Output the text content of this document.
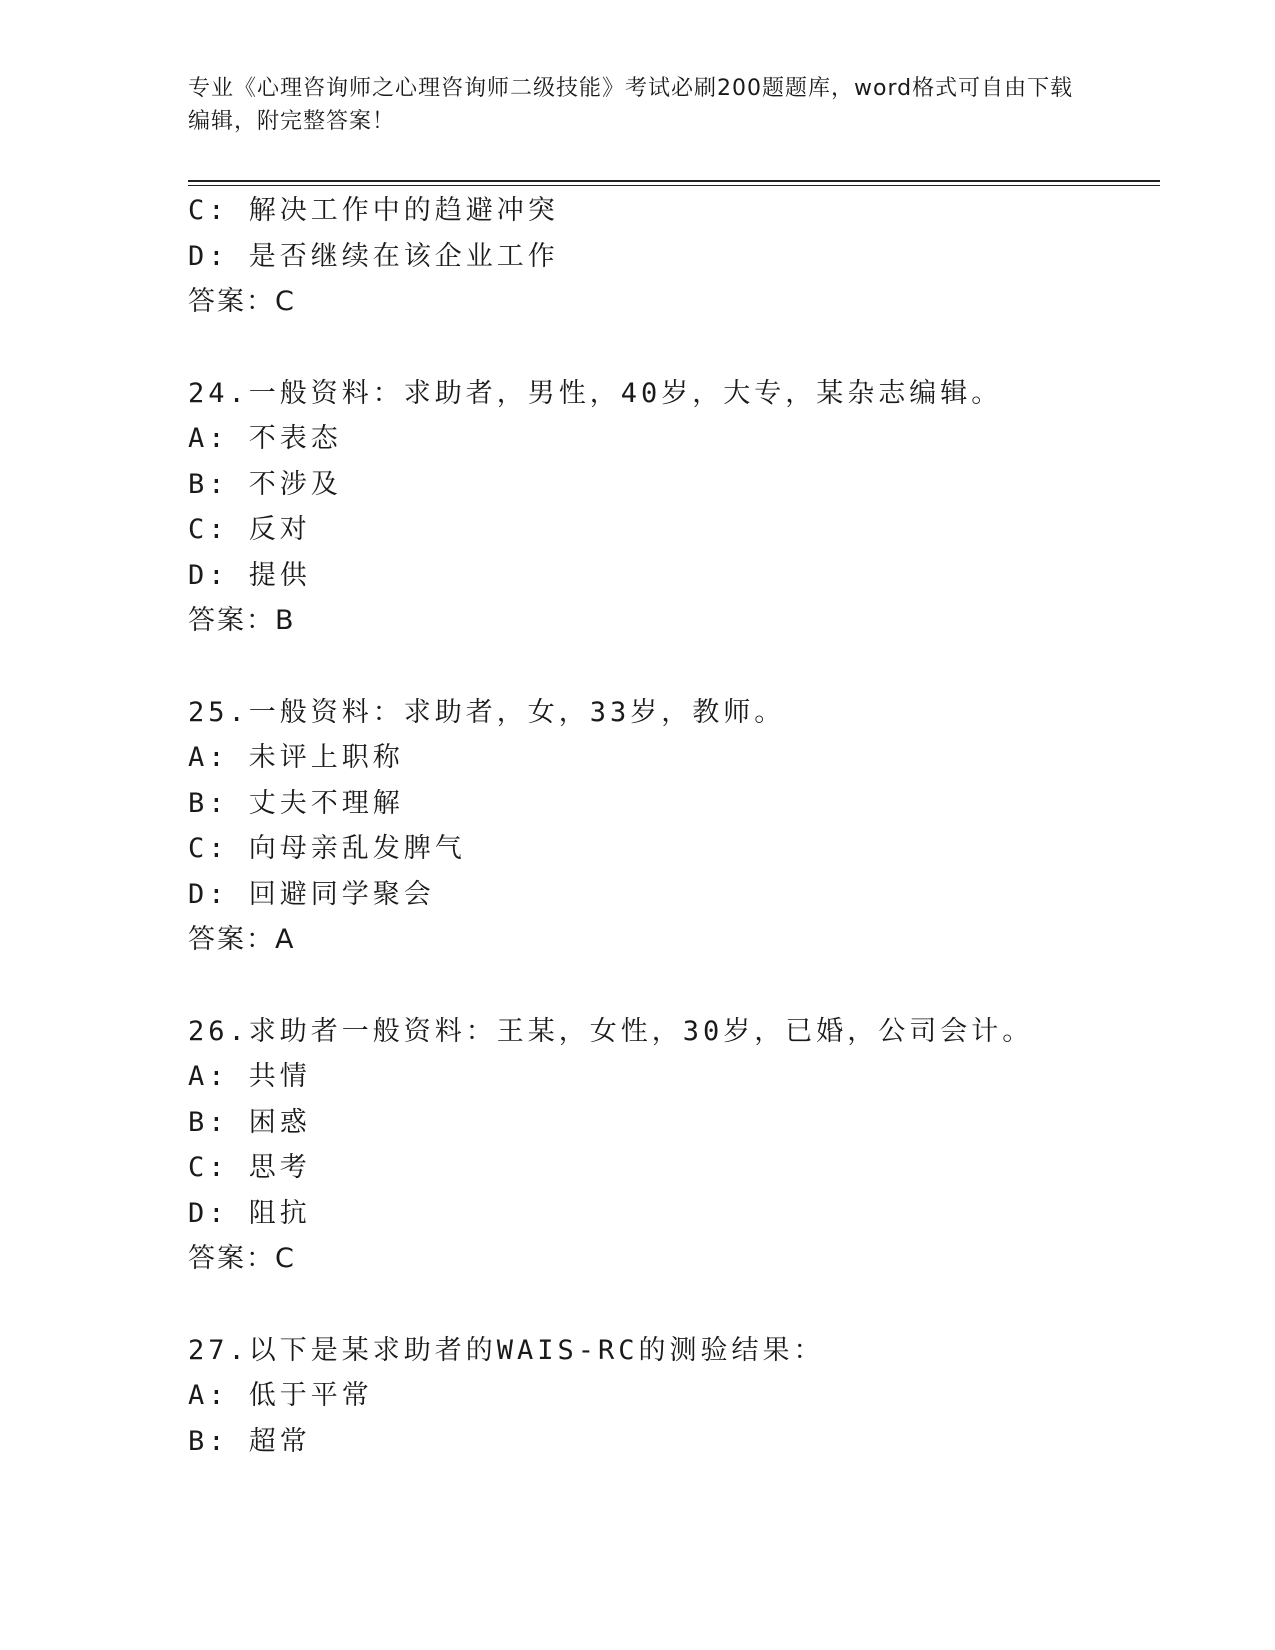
专业《心理咨询师之心理咨询师二级技能》考试必刷200题题库，word格式可自由下载编辑，附完整答案！
C: 解决工作中的趋避冲突
D: 是否继续在该企业工作
答案：C
24.一般资料：求助者，男性，40岁，大专，某杂志编辑。
A: 不表态
B: 不涉及
C: 反对
D: 提供
答案：B
25.一般资料：求助者，女，33岁，教师。
A: 未评上职称
B: 丈夫不理解
C: 向母亲乱发脾气
D: 回避同学聚会
答案：A
26.求助者一般资料：王某，女性，30岁，已婚，公司会计。
A: 共情
B: 困惑
C: 思考
D: 阻抗
答案：C
27.以下是某求助者的WAIS-RC的测验结果：
A: 低于平常
B: 超常
